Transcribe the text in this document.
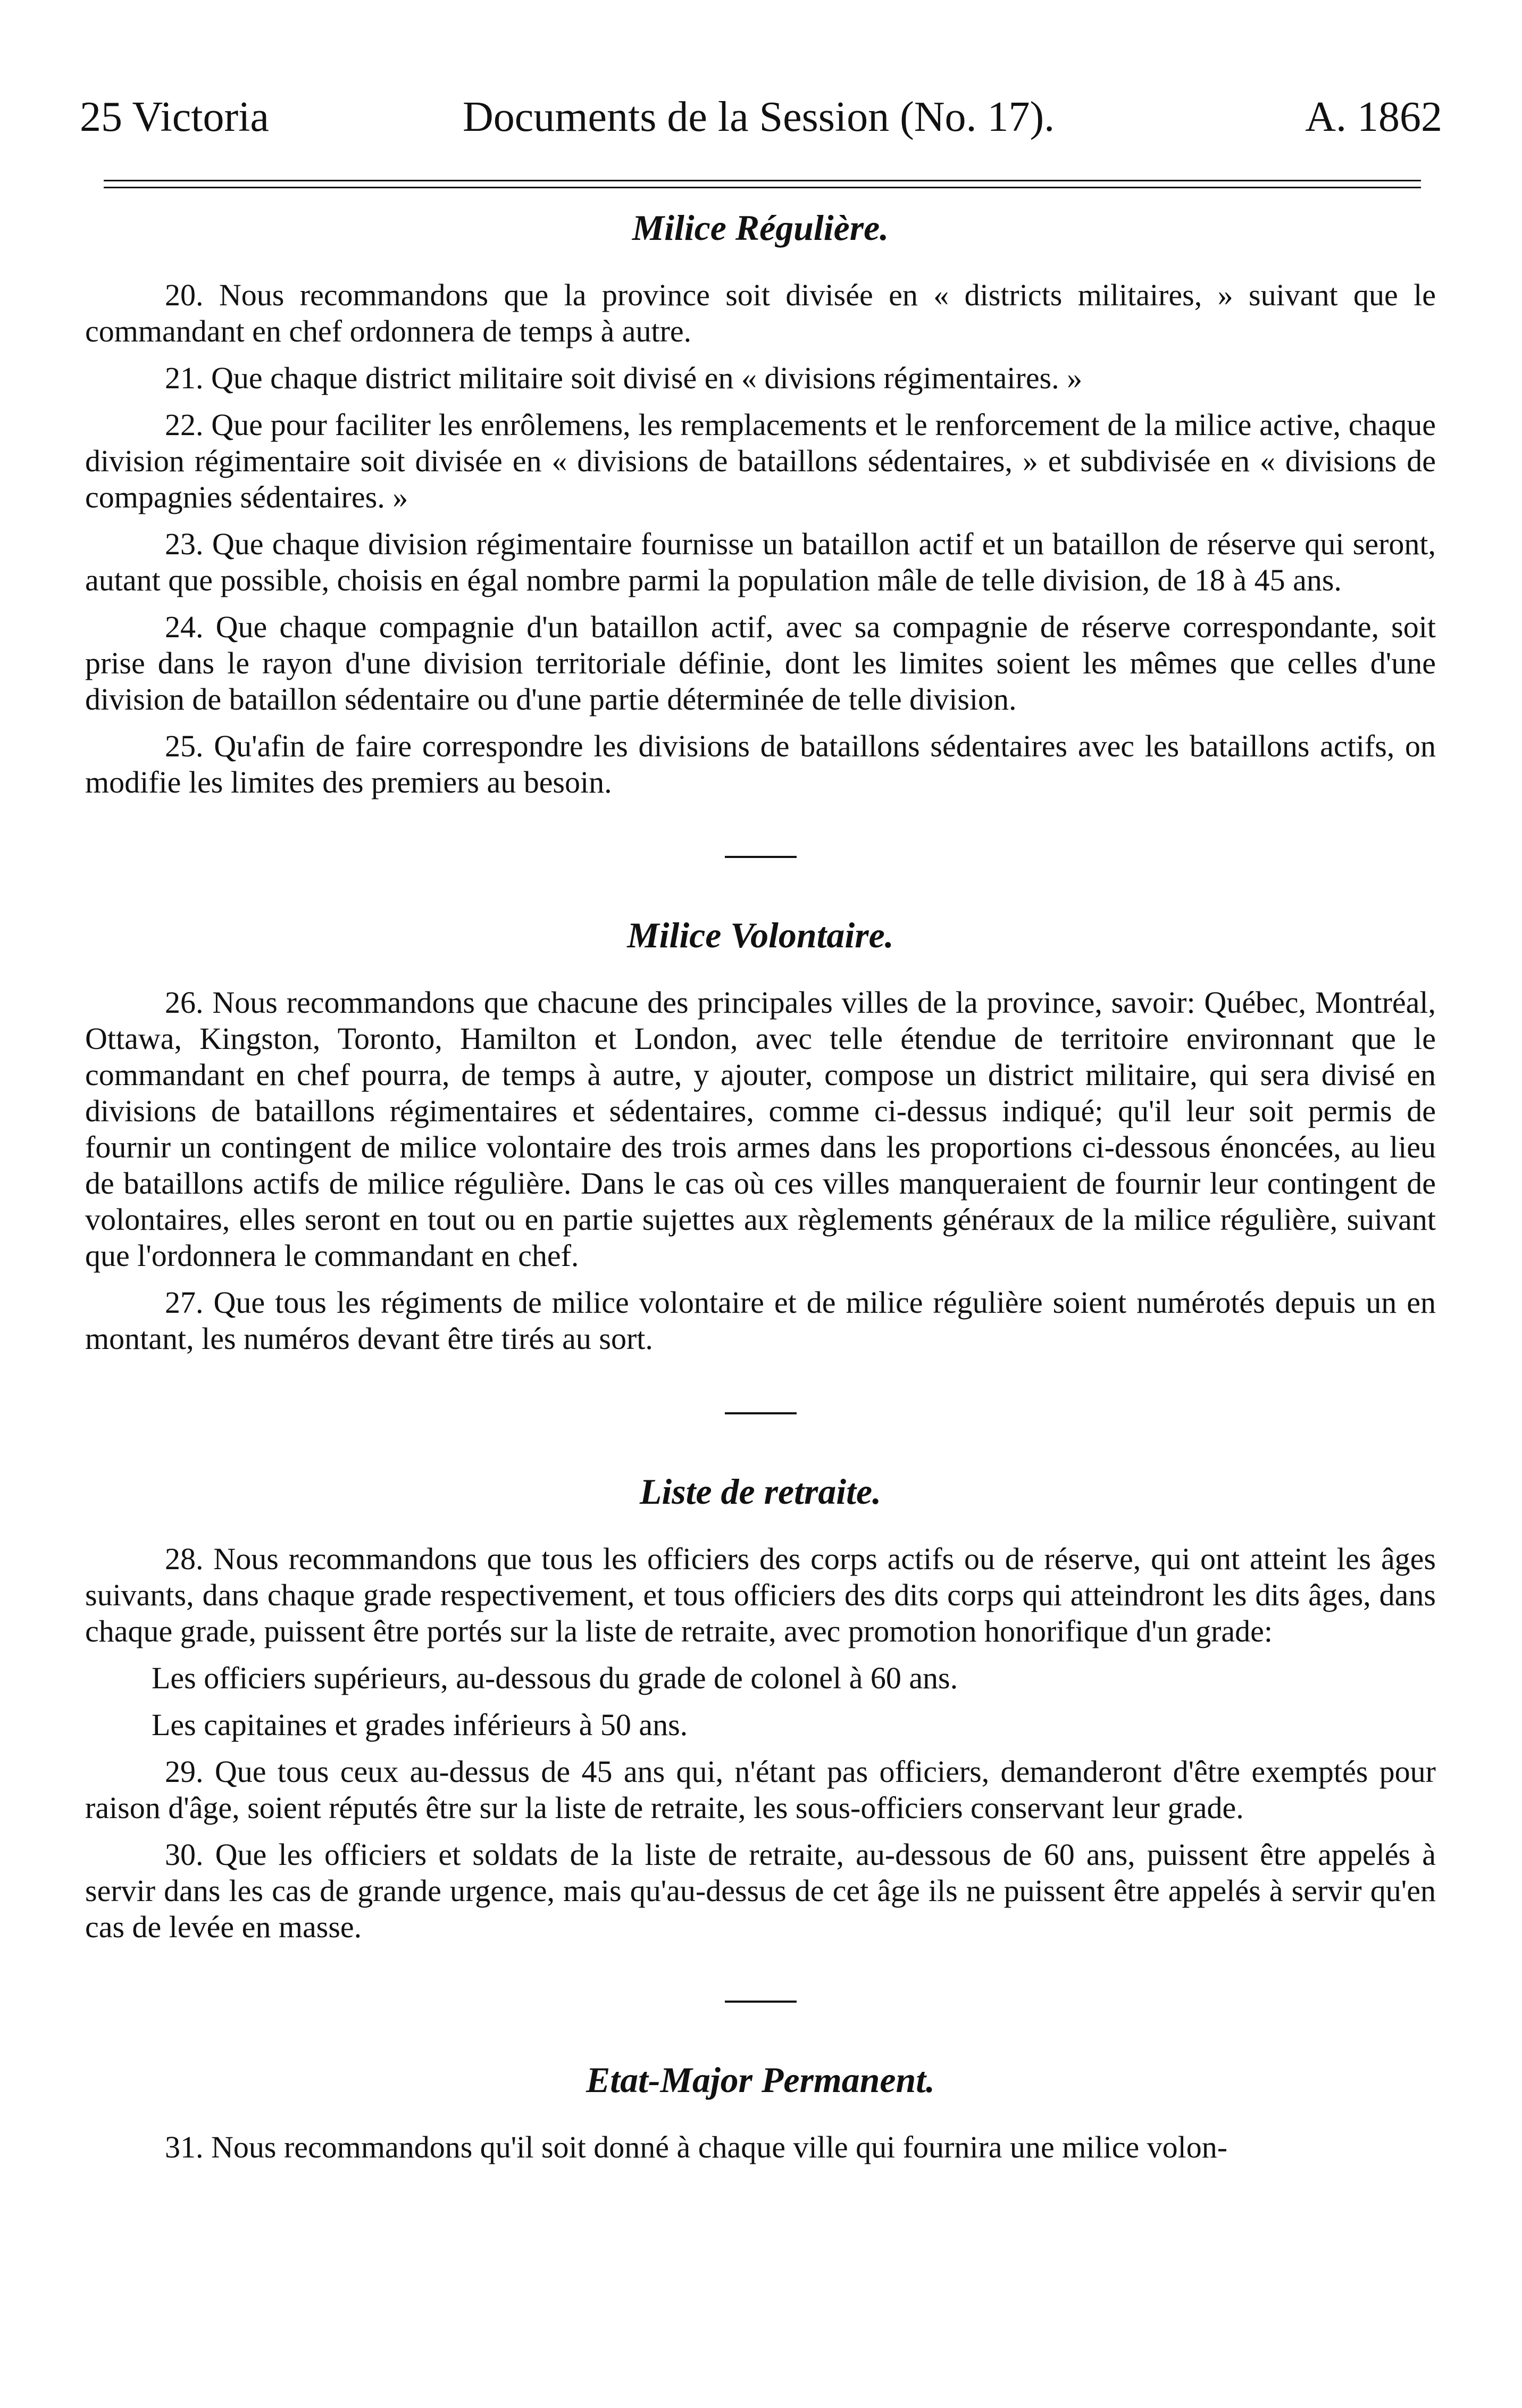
25 Victoria	Documents de la Session (No. 17).	A. 1862
Milice Régulière.

20. Nous recommandons que la province soit divisée en « districts militaires, » suivant que le commandant en chef ordonnera de temps à autre.

21. Que chaque district militaire soit divisé en « divisions régimentaires. »

22. Que pour faciliter les enrôlemens, les remplacements et le renforcement de la milice active, chaque division régimentaire soit divisée en « divisions de bataillons sédentaires, » et subdivisée en « divisions de compagnies sédentaires. »

23. Que chaque division régimentaire fournisse un bataillon actif et un bataillon de réserve qui seront, autant que possible, choisis en égal nombre parmi la population mâle de telle division, de 18 à 45 ans.

24. Que chaque compagnie d'un bataillon actif, avec sa compagnie de réserve correspondante, soit prise dans le rayon d'une division territoriale définie, dont les limites soient les mêmes que celles d'une division de bataillon sédentaire ou d'une partie déterminée de telle division.

25. Qu'afin de faire correspondre les divisions de bataillons sédentaires avec les bataillons actifs, on modifie les limites des premiers au besoin.

Milice Volontaire.

26. Nous recommandons que chacune des principales villes de la province, savoir: Québec, Montréal, Ottawa, Kingston, Toronto, Hamilton et London, avec telle étendue de territoire environnant que le commandant en chef pourra, de temps à autre, y ajouter, compose un district militaire, qui sera divisé en divisions de bataillons régimentaires et sédentaires, comme ci-dessus indiqué; qu'il leur soit permis de fournir un contingent de milice volontaire des trois armes dans les proportions ci-dessous énoncées, au lieu de bataillons actifs de milice régulière. Dans le cas où ces villes manqueraient de fournir leur contingent de volontaires, elles seront en tout ou en partie sujettes aux règlements généraux de la milice régulière, suivant que l'ordonnera le commandant en chef.

27. Que tous les régiments de milice volontaire et de milice régulière soient numérotés depuis un en montant, les numéros devant être tirés au sort.

Liste de retraite.

28. Nous recommandons que tous les officiers des corps actifs ou de réserve, qui ont atteint les âges suivants, dans chaque grade respectivement, et tous officiers des dits corps qui atteindront les dits âges, dans chaque grade, puissent être portés sur la liste de retraite, avec promotion honorifique d'un grade:

Les officiers supérieurs, au-dessous du grade de colonel à 60 ans.

Les capitaines et grades inférieurs à 50 ans.

29. Que tous ceux au-dessus de 45 ans qui, n'étant pas officiers, demanderont d'être exemptés pour raison d'âge, soient réputés être sur la liste de retraite, les sous-officiers conservant leur grade.

30. Que les officiers et soldats de la liste de retraite, au-dessous de 60 ans, puissent être appelés à servir dans les cas de grande urgence, mais qu'au-dessus de cet âge ils ne puissent être appelés à servir qu'en cas de levée en masse.

Etat-Major Permanent.

31. Nous recommandons qu'il soit donné à chaque ville qui fournira une milice volon-
